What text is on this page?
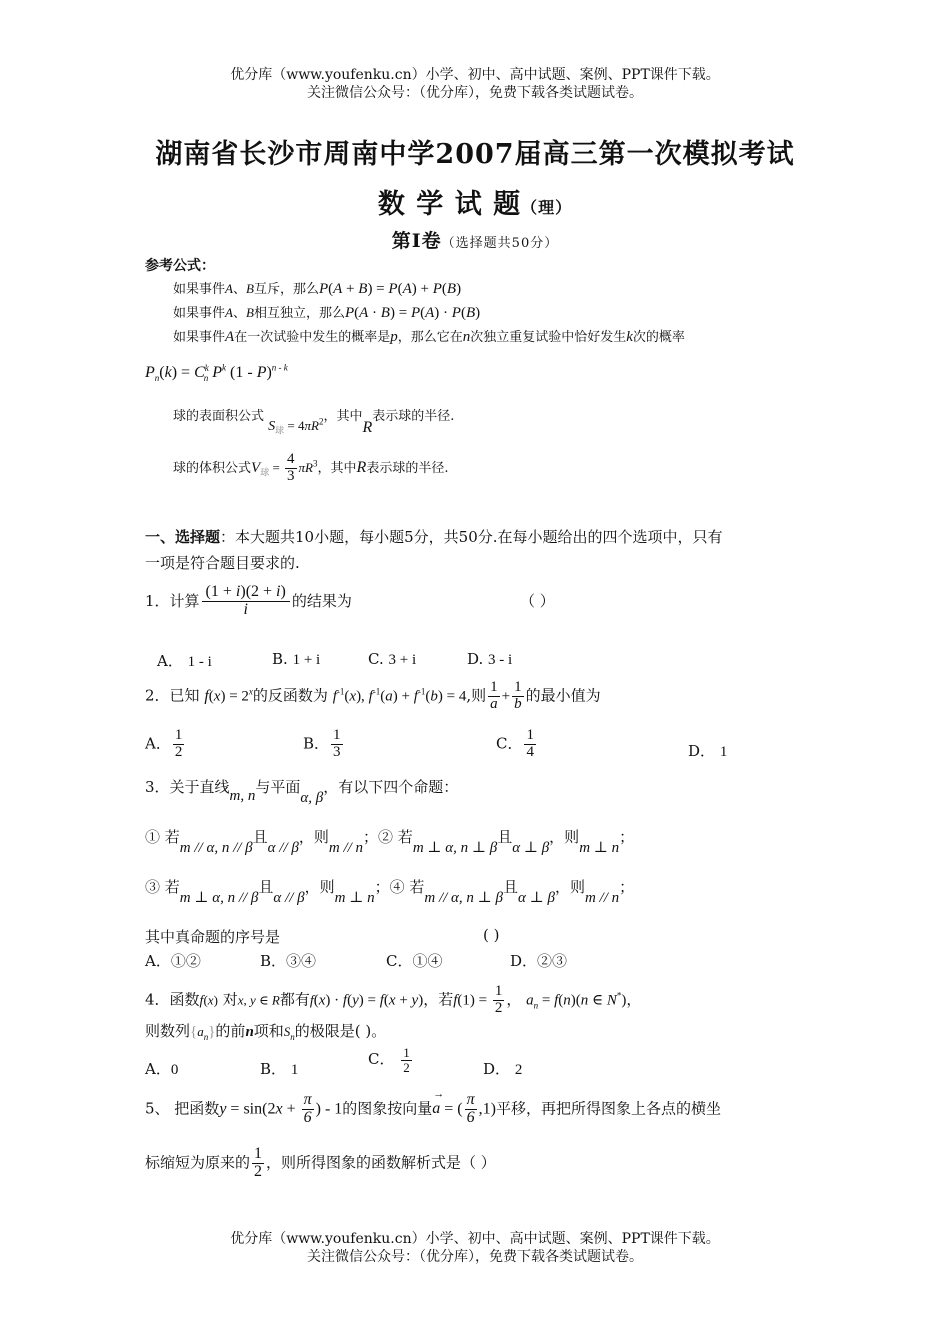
优分库（www.youfenku.cn）小学、初中、高中试题、案例、PPT课件下载。
关注微信公众号：（优分库），免费下载各类试题试卷。
湖南省长沙市周南中学2007届高三第一次模拟考试
数 学 试 题（理）
第Ⅰ卷（选择题共50分）
参考公式：
如果事件A、B互斥，那么P(A + B) = P(A) + P(B)
如果事件A、B相互独立，那么P(A · B) = P(A) · P(B)
如果事件A在一次试验中发生的概率是p，那么它在n次独立重复试验中恰好发生k次的概率
$P_n(k) = C^k_n$ $P^k$ (1 - P)$^{n - k}$
球的表面积公式 $S_球 = 4\pi R^2$，其中R表示球的半径.
球的体积公式$V_球 = \frac{4}{3} \pi R^3$，其中R表示球的半径.
一、选择题：本大题共10小题，每小题5分，共50分.在每小题给出的四个选项中，只有
一项是符合题目要求的.
1．计算 $\frac{(1 + i)(2 + i)}{i}$ 的结果为	（ ）
A． 1 - i	B. 1 + i	C. 3 + i	D. 3 - i
2．已知 $f(x) = 2^x$的反函数为 $f^{-1}(x)$, $f^{-1}(a) + f^{-1}(b) = 4$,则 $\frac{1}{a} + \frac{1}{b}$ 的最小值为
A． $\frac{1}{2}$	B． $\frac{1}{3}$	C． $\frac{1}{4}$	D． 1
3．关于直线m, n与平面α, β，有以下四个命题：
① 若m // α, n // β且α // β，则m // n；② 若m ⊥ α, n ⊥ β且α ⊥ β，则m ⊥ n；
③ 若m ⊥ α, n // β且α // β，则m ⊥ n；④ 若m // α, n ⊥ β且α ⊥ β，则m // n；
其中真命题的序号是	( )
A．①②	B．③④	C．①④	D．②③
4．函数f(x) 对x, y ∈ R都有f(x) · f(y) = f(x + y)，若$f(1) = \frac{1}{2}$ ， $a_n = f(n)(n$ ∈ N*)，
则数列$\{a_n\}$的前n项和$S_n$的极限是( )。
A．0	B． 1
C． $\frac{1}{2}$	D． 2
5、 把函数$y = \sin(2x + \frac{\pi}{6}$ ) - 1的图象按向量
→
a = ( $\frac{\pi}{6} ,1$)平移，再把所得图象上各点的横坐
标缩短为原来的 $\frac{1}{2}$ ，则所得图象的函数解析式是（ ）
优分库（www.youfenku.cn）小学、初中、高中试题、案例、PPT课件下载。
关注微信公众号：（优分库），免费下载各类试题试卷。
